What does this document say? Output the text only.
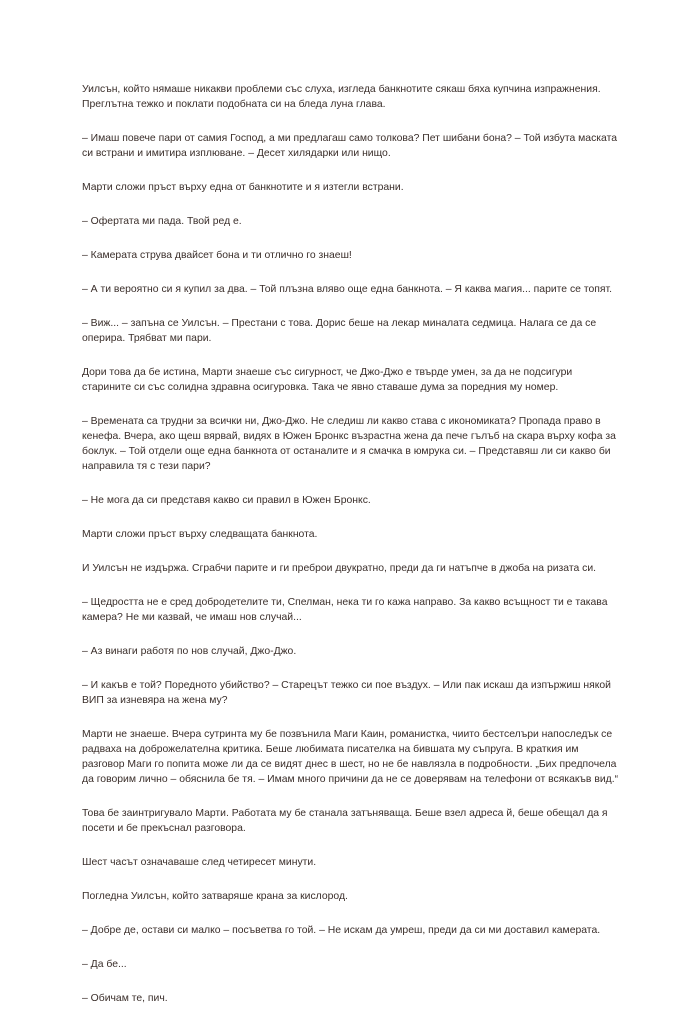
Уилсън, който нямаше никакви проблеми със слуха, изгледа банкнотите сякаш бяха купчина изпражнения. Преглътна тежко и поклати подобната си на бледа луна глава.

– Имаш повече пари от самия Господ, а ми предлагаш само толкова? Пет шибани бона? – Той избута маската си встрани и имитира изплюване. – Десет хилядарки или нищо.

Марти сложи пръст върху една от банкнотите и я изтегли встрани.

– Офертата ми пада. Твой ред е.

– Камерата струва двайсет бона и ти отлично го знаеш!

– А ти вероятно си я купил за два. – Той плъзна вляво още една банкнота. – Я каква магия... парите се топят.

– Виж... – запъна се Уилсън. – Престани с това. Дорис беше на лекар миналата седмица. Налага се да се оперира. Трябват ми пари.

Дори това да бе истина, Марти знаеше със сигурност, че Джо-Джо е твърде умен, за да не подсигури старините си със солидна здравна осигуровка. Така че явно ставаше дума за поредния му номер.

– Времената са трудни за всички ни, Джо-Джо. Не следиш ли какво става с икономиката? Пропада право в кенефа. Вчера, ако щеш вярвай, видях в Южен Бронкс възрастна жена да пече гълъб на скара върху кофа за боклук. – Той отдели още една банкнота от останалите и я смачка в юмрука си. – Представяш ли си какво би направила тя с тези пари?

– Не мога да си представя какво си правил в Южен Бронкс.

Марти сложи пръст върху следващата банкнота.

И Уилсън не издържа. Сграбчи парите и ги преброи двукратно, преди да ги натъпче в джоба на ризата си.

– Щедростта не е сред добродетелите ти, Спелман, нека ти го кажа направо. За какво всъщност ти е такава камера? Не ми казвай, че имаш нов случай...

– Аз винаги работя по нов случай, Джо-Джо.

– И какъв е той? Поредното убийство? – Старецът тежко си пое въздух. – Или пак искаш да изпържиш някой ВИП за изневяра на жена му?

Марти не знаеше. Вчера сутринта му бе позвънила Маги Каин, романистка, чиито бестселъри напоследък се радваха на доброжелателна критика. Беше любимата писателка на бившата му съпруга. В краткия им разговор Маги го попита може ли да се видят днес в шест, но не бе навлязла в подробности. „Бих предпочела да говорим лично – обяснила бе тя. – Имам много причини да не се доверявам на телефони от всякакъв вид.“

Това бе заинтригувало Марти. Работата му бе станала затъняваща. Беше взел адреса й, беше обещал да я посети и бе прекъснал разговора.

Шест часът означаваше след четиресет минути.

Погледна Уилсън, който затваряше крана за кислород.

– Добре де, остави си малко – посъветва го той. – Не искам да умреш, преди да си ми доставил камерата.

– Да бе...

– Обичам те, пич.
